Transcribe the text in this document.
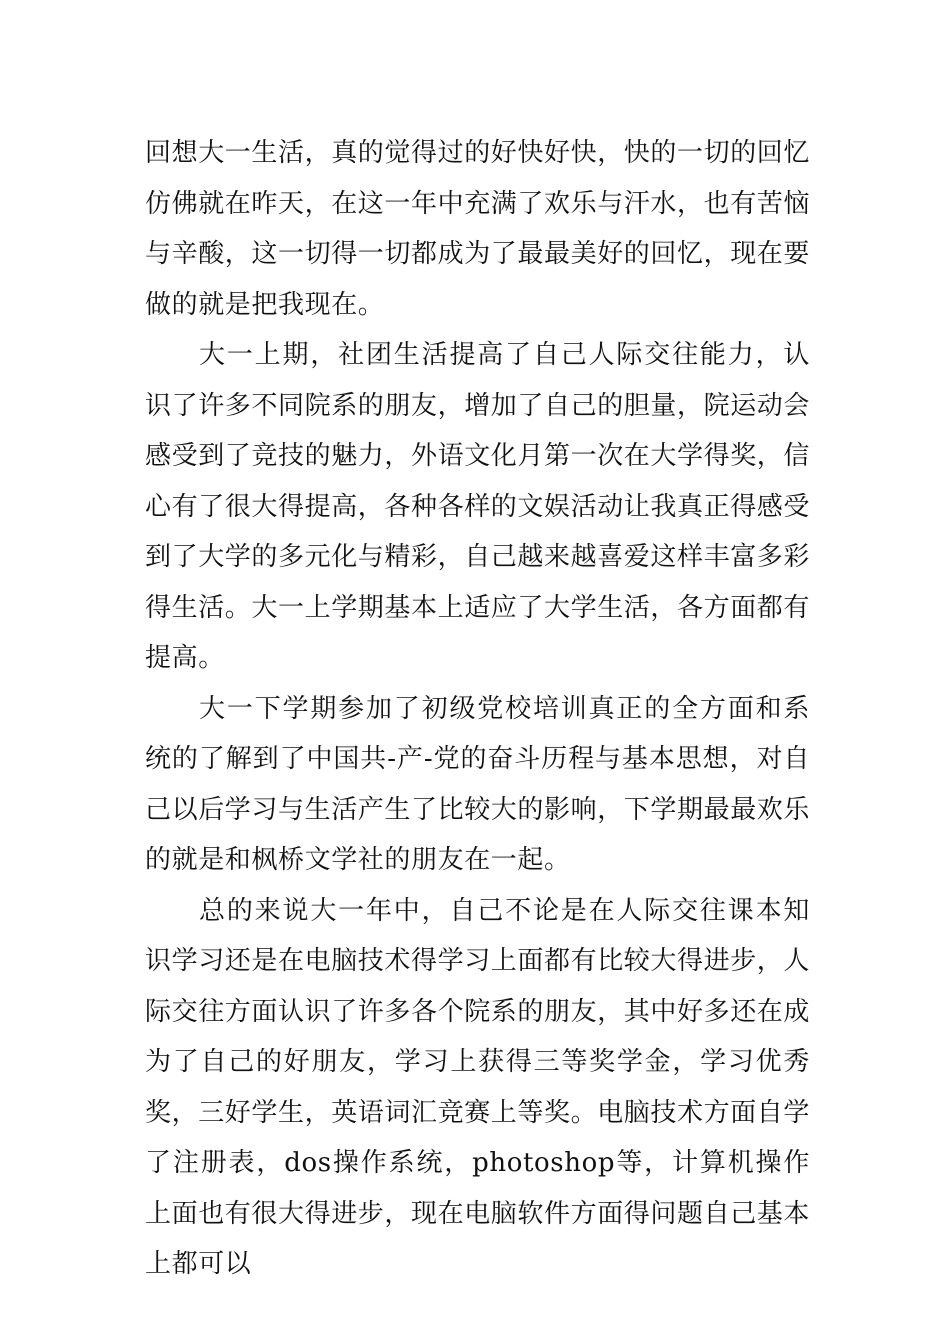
回想大一生活，真的觉得过的好快好快，快的一切的回忆仿佛就在昨天，在这一年中充满了欢乐与汗水，也有苦恼与辛酸，这一切得一切都成为了最最美好的回忆，现在要做的就是把我现在。

大一上期，社团生活提高了自己人际交往能力，认识了许多不同院系的朋友，增加了自己的胆量，院运动会感受到了竞技的魅力，外语文化月第一次在大学得奖，信心有了很大得提高，各种各样的文娱活动让我真正得感受到了大学的多元化与精彩，自己越来越喜爱这样丰富多彩得生活。大一上学期基本上适应了大学生活，各方面都有提高。

大一下学期参加了初级党校培训真正的全方面和系统的了解到了中国共-产-党的奋斗历程与基本思想，对自己以后学习与生活产生了比较大的影响，下学期最最欢乐的就是和枫桥文学社的朋友在一起。

总的来说大一年中，自己不论是在人际交往课本知识学习还是在电脑技术得学习上面都有比较大得进步，人际交往方面认识了许多各个院系的朋友，其中好多还在成为了自己的好朋友，学习上获得三等奖学金，学习优秀奖，三好学生，英语词汇竞赛上等奖。电脑技术方面自学了注册表，dos操作系统，photoshop等，计算机操作上面也有很大得进步，现在电脑软件方面得问题自己基本上都可以
